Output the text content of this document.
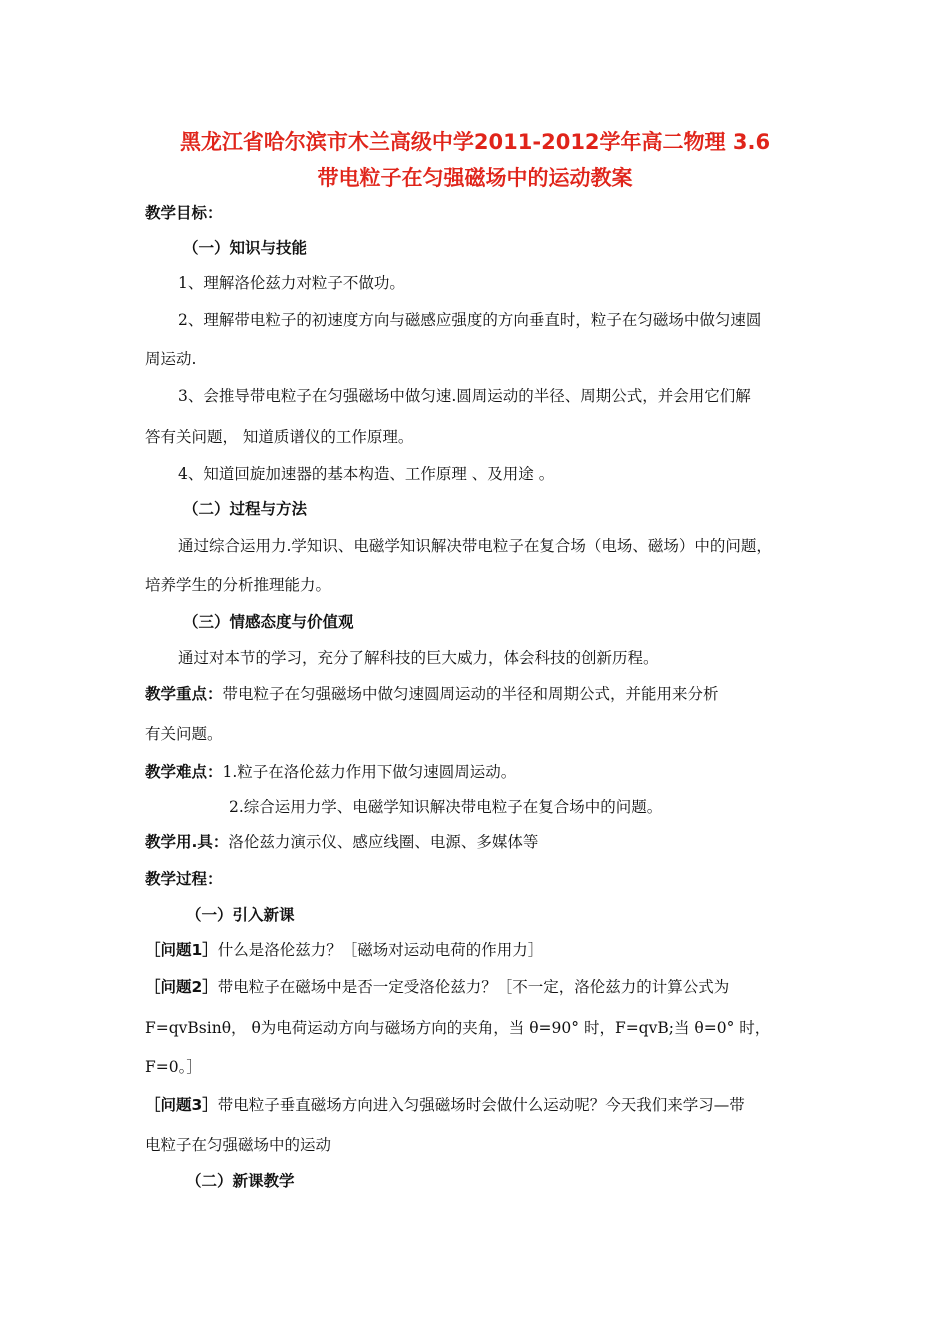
黑龙江省哈尔滨市木兰高级中学2011-2012学年高二物理 3.6
带电粒子在匀强磁场中的运动教案
教学目标：
（一）知识与技能
1、理解洛伦兹力对粒子不做功。
2、理解带电粒子的初速度方向与磁感应强度的方向垂直时，粒子在匀磁场中做匀速圆
周运动.
3、会推导带电粒子在匀强磁场中做匀速.圆周运动的半径、周期公式，并会用它们解
答有关问题， 知道质谱仪的工作原理。
4、知道回旋加速器的基本构造、工作原理 、及用途 。
（二）过程与方法
通过综合运用力.学知识、电磁学知识解决带电粒子在复合场（电场、磁场）中的问题，
培养学生的分析推理能力。
（三）情感态度与价值观
通过对本节的学习，充分了解科技的巨大威力，体会科技的创新历程。
教学重点：带电粒子在匀强磁场中做匀速圆周运动的半径和周期公式，并能用来分析
有关问题。
教学难点：1.粒子在洛伦兹力作用下做匀速圆周运动。
2.综合运用力学、电磁学知识解决带电粒子在复合场中的问题。
教学用.具：洛伦兹力演示仪、感应线圈、电源、多媒体等
教学过程：
（一）引入新课
［问题1］什么是洛伦兹力？［磁场对运动电荷的作用力］
［问题2］带电粒子在磁场中是否一定受洛伦兹力？［不一定，洛伦兹力的计算公式为
F=qvBsinθ， θ为电荷运动方向与磁场方向的夹角，当 θ=90° 时，F=qvB;当 θ=0° 时，
F=0。］
［问题3］带电粒子垂直磁场方向进入匀强磁场时会做什么运动呢？今天我们来学习—带
电粒子在匀强磁场中的运动
（二）新课教学
